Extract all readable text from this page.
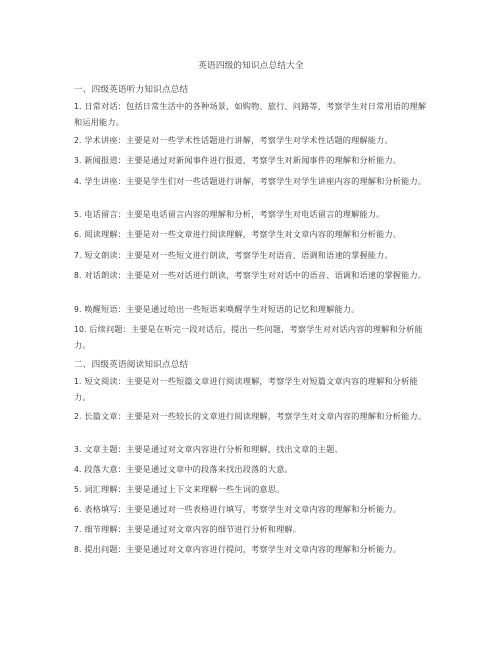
英语四级的知识点总结大全
一、四级英语听力知识点总结
1. 日常对话：包括日常生活中的各种场景，如购物、旅行、问路等，考察学生对日常用语的理解和运用能力。
2. 学术讲座：主要是对一些学术性话题进行讲解，考察学生对学术性话题的理解能力。
3. 新闻报道：主要是通过对新闻事件进行报道，考察学生对新闻事件的理解和分析能力。
4. 学生讲座：主要是学生们对一些话题进行讲解，考察学生对学生讲座内容的理解和分析能力。
5. 电话留言：主要是电话留言内容的理解和分析，考察学生对电话留言的理解能力。
6. 阅读理解：主要是对一些文章进行阅读理解，考察学生对文章内容的理解和分析能力。
7. 短文朗读：主要是对一些短文进行朗读，考察学生对语音、语调和语速的掌握能力。
8. 对话朗读：主要是对一些对话进行朗读，考察学生对对话中的语音、语调和语速的掌握能力。
9. 唤醒短语：主要是通过给出一些短语来唤醒学生对短语的记忆和理解能力。
10. 后续问题：主要是在听完一段对话后，提出一些问题，考察学生对对话内容的理解和分析能力。
二、四级英语阅读知识点总结
1. 短文阅读：主要是对一些短篇文章进行阅读理解，考察学生对短篇文章内容的理解和分析能力。
2. 长篇文章：主要是对一些较长的文章进行阅读理解，考察学生对文章内容的理解和分析能力。
3. 文章主题：主要是通过对文章内容进行分析和理解，找出文章的主题。
4. 段落大意：主要是通过文章中的段落来找出段落的大意。
5. 词汇理解：主要是通过上下文来理解一些生词的意思。
6. 表格填写：主要是通过对一些表格进行填写，考察学生对文章内容的理解和分析能力。
7. 细节理解：主要是通过对文章内容的细节进行分析和理解。
8. 提出问题：主要是通过对文章内容进行提问，考察学生对文章内容的理解和分析能力。
